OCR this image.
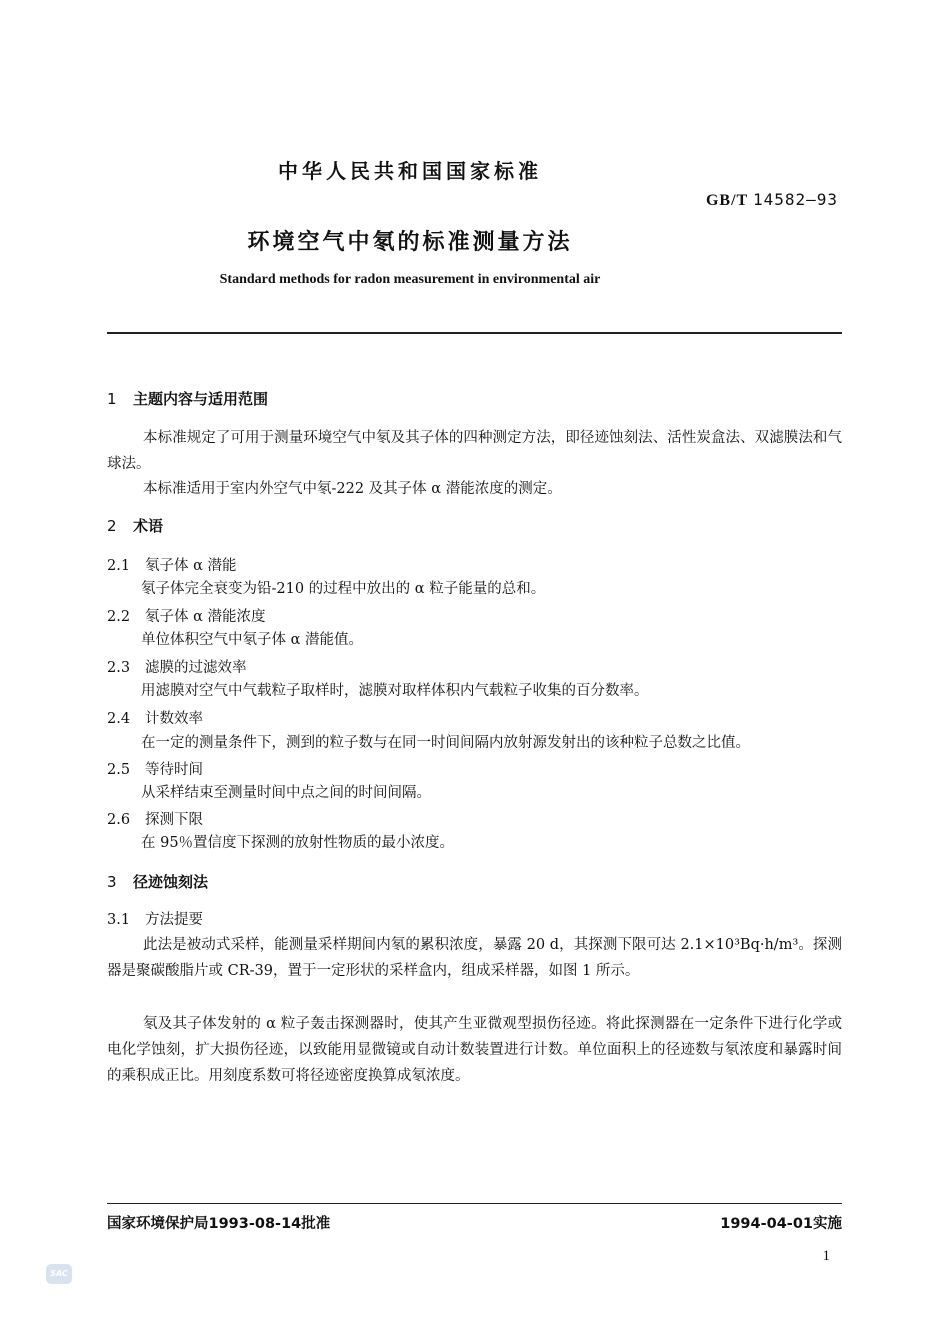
中华人民共和国国家标准
GB/T 14582—93
环境空气中氡的标准测量方法
Standard methods for radon measurement in environmental air
1 主题内容与适用范围
本标准规定了可用于测量环境空气中氡及其子体的四种测定方法，即径迹蚀刻法、活性炭盒法、双滤膜法和气球法。
本标准适用于室内外空气中氡-222 及其子体 α 潜能浓度的测定。
2 术语
2.1 氡子体 α 潜能
氡子体完全衰变为铅-210 的过程中放出的 α 粒子能量的总和。
2.2 氡子体 α 潜能浓度
单位体积空气中氡子体 α 潜能值。
2.3 滤膜的过滤效率
用滤膜对空气中气载粒子取样时，滤膜对取样体积内气载粒子收集的百分数率。
2.4 计数效率
在一定的测量条件下，测到的粒子数与在同一时间间隔内放射源发射出的该种粒子总数之比值。
2.5 等待时间
从采样结束至测量时间中点之间的时间间隔。
2.6 探测下限
在 95％置信度下探测的放射性物质的最小浓度。
3 径迹蚀刻法
3.1 方法提要
此法是被动式采样，能测量采样期间内氡的累积浓度，暴露 20 d，其探测下限可达 2.1×10³Bq·h/m³。探测器是聚碳酸脂片或 CR-39，置于一定形状的采样盒内，组成采样器，如图 1 所示。
氡及其子体发射的 α 粒子轰击探测器时，使其产生亚微观型损伤径迹。将此探测器在一定条件下进行化学或电化学蚀刻，扩大损伤径迹，以致能用显微镜或自动计数装置进行计数。单位面积上的径迹数与氡浓度和暴露时间的乘积成正比。用刻度系数可将径迹密度换算成氡浓度。
国家环境保护局1993-08-14批准	1994-04-01实施
1
SAC
